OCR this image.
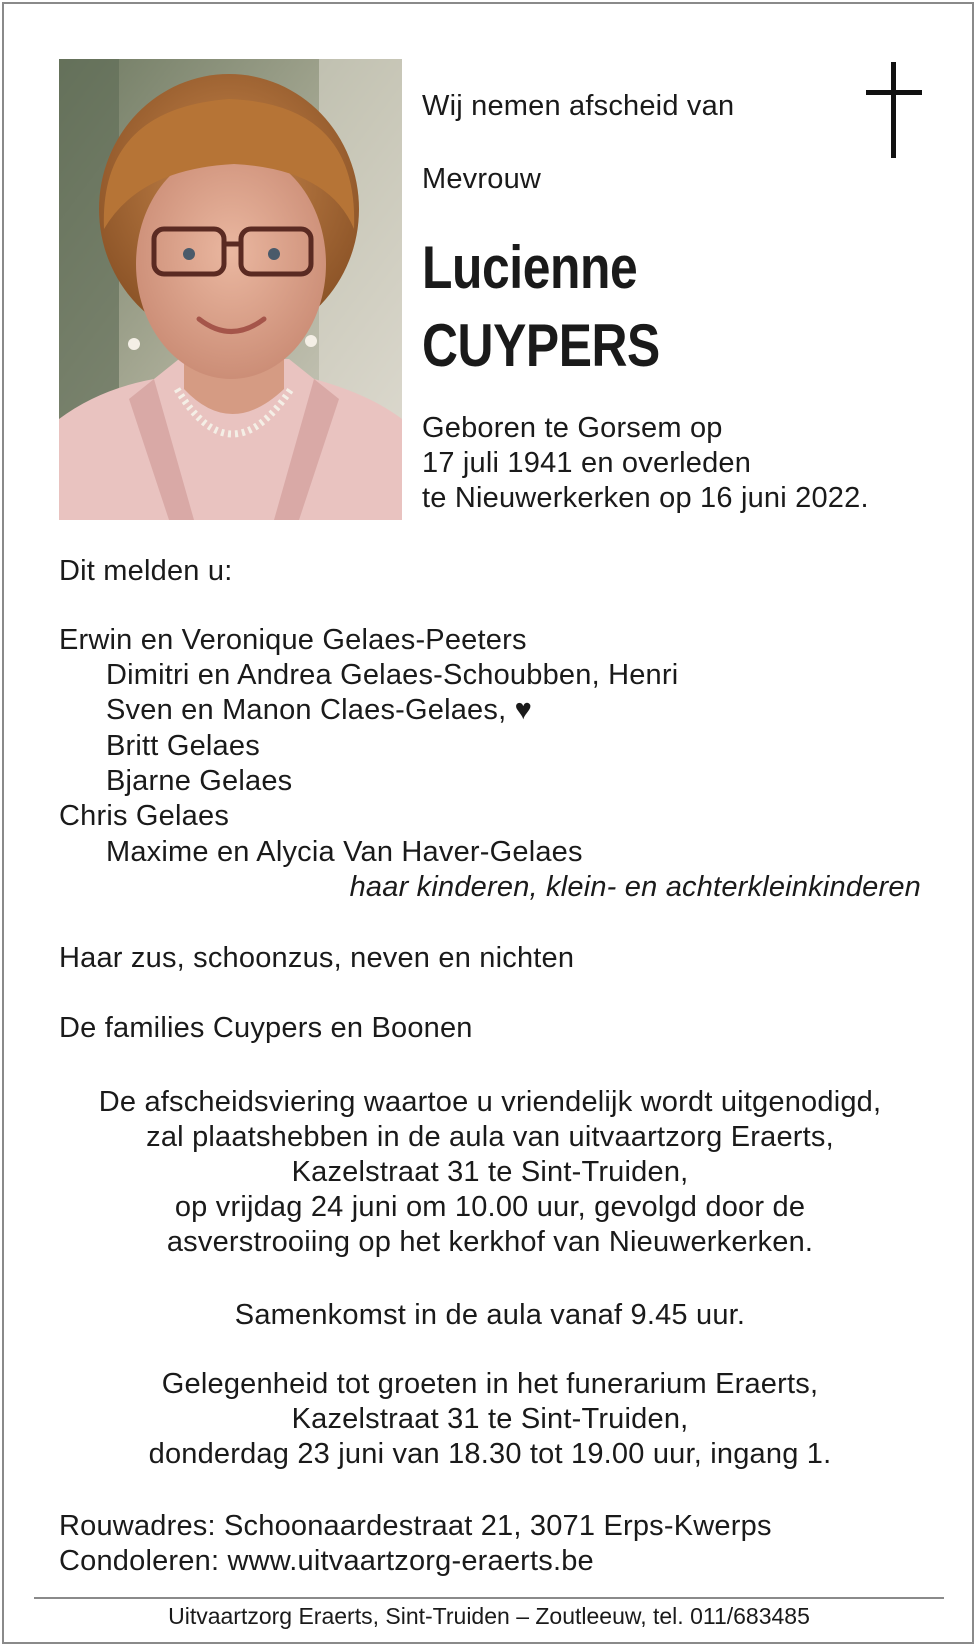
Wij nemen afscheid van

Mevrouw

Lucienne

CUYPERS

Geboren te Gorsem op

17 juli 1941 en overleden

te Nieuwerkerken op 16 juni 2022.

Dit melden u:

Erwin en Veronique Gelaes-Peeters

Dimitri en Andrea Gelaes-Schoubben, Henri

Sven en Manon Claes-Gelaes, ♥

Britt Gelaes

Bjarne Gelaes

Chris Gelaes

Maxime en Alycia Van Haver-Gelaes

haar kinderen, klein- en achterkleinkinderen

Haar zus, schoonzus, neven en nichten

De families Cuypers en Boonen

De afscheidsviering waartoe u vriendelijk wordt uitgenodigd,
zal plaatshebben in de aula van uitvaartzorg Eraerts,
Kazelstraat 31 te Sint-Truiden,
op vrijdag 24 juni om 10.00 uur, gevolgd door de
asverstrooiing op het kerkhof van Nieuwerkerken.
Samenkomst in de aula vanaf 9.45 uur.
Gelegenheid tot groeten in het funerarium Eraerts,
Kazelstraat 31 te Sint-Truiden,
donderdag 23 juni van 18.30 tot 19.00 uur, ingang 1.

Rouwadres: Schoonaardestraat 21, 3071 Erps-Kwerps

Condoleren: www.uitvaartzorg-eraerts.be

Uitvaartzorg Eraerts, Sint-Truiden – Zoutleeuw, tel. 011/683485
